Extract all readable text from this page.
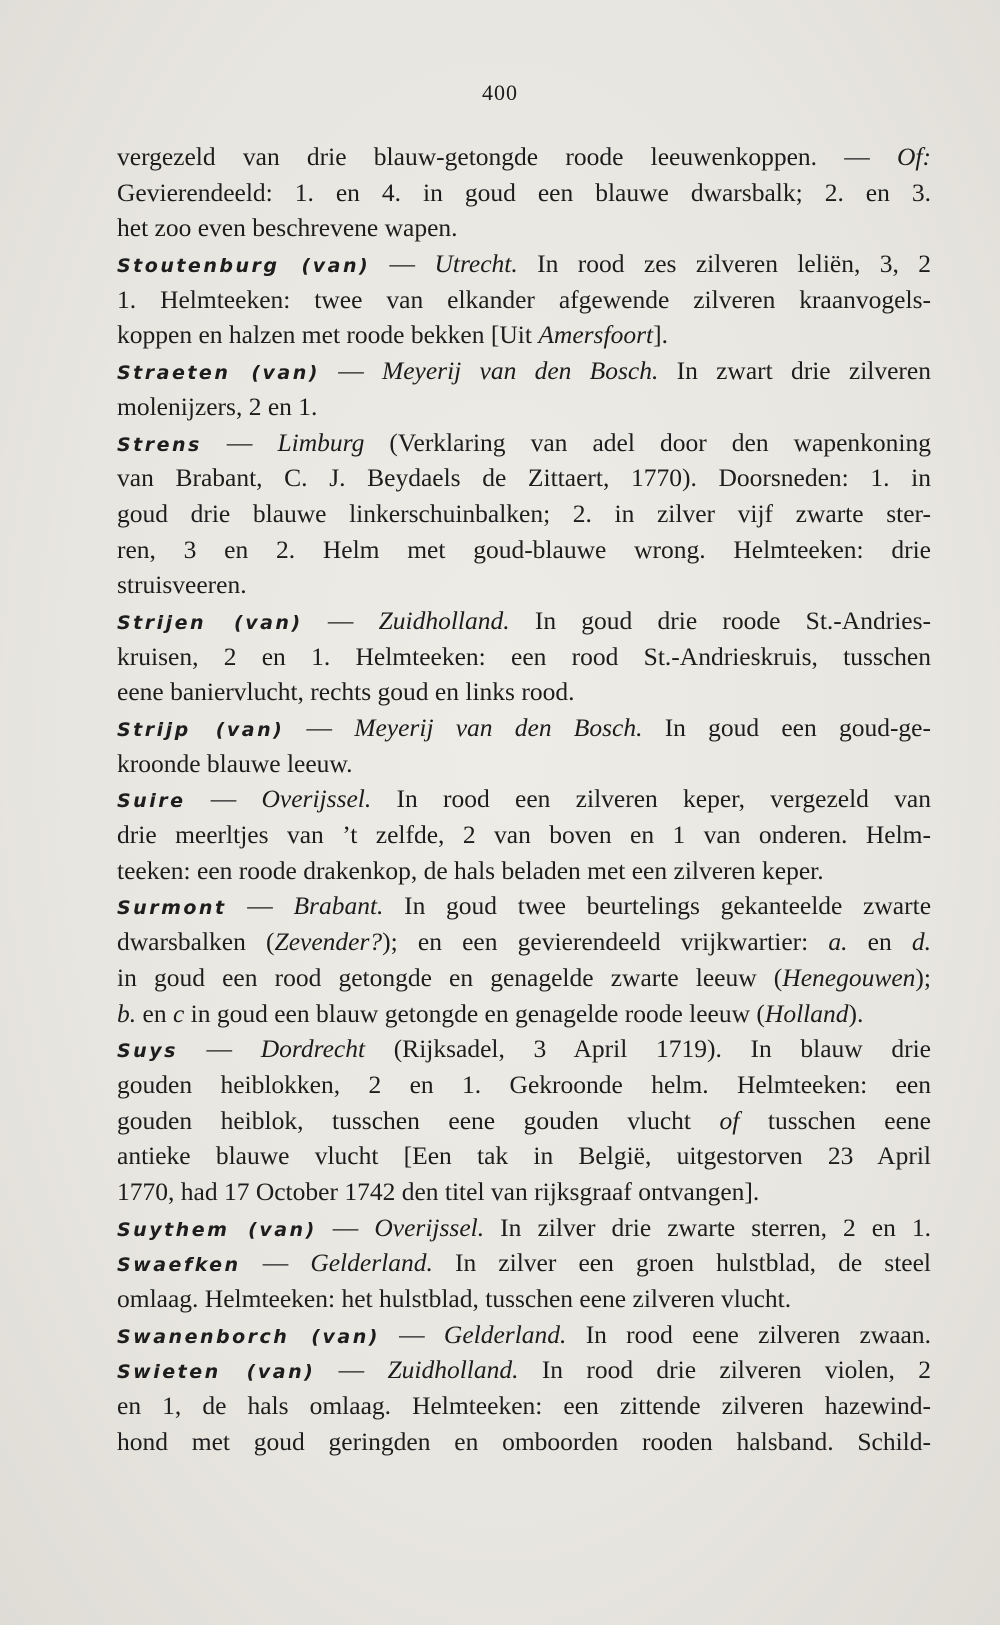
400
vergezeld van drie blauw-getongde roode leeuwenkoppen. — Of:
Gevierendeeld: 1. en 4. in goud een blauwe dwarsbalk; 2. en 3.
het zoo even beschrevene wapen.
Stoutenburg (van) — Utrecht. In rood zes zilveren leliën, 3, 2
1. Helmteeken: twee van elkander afgewende zilveren kraanvogels-
koppen en halzen met roode bekken [Uit Amersfoort].
Straeten (van) — Meyerij van den Bosch. In zwart drie zilveren
molenijzers, 2 en 1.
Strens — Limburg (Verklaring van adel door den wapenkoning
van Brabant, C. J. Beydaels de Zittaert, 1770). Doorsneden: 1. in
goud drie blauwe linkerschuinbalken; 2. in zilver vijf zwarte ster-
ren, 3 en 2. Helm met goud-blauwe wrong. Helmteeken: drie
struisveeren.
Strijen (van) — Zuidholland. In goud drie roode St.-Andries-
kruisen, 2 en 1. Helmteeken: een rood St.-Andrieskruis, tusschen
eene baniervlucht, rechts goud en links rood.
Strijp (van) — Meyerij van den Bosch. In goud een goud-ge-
kroonde blauwe leeuw.
Suire — Overijssel. In rood een zilveren keper, vergezeld van
drie meerltjes van ’t zelfde, 2 van boven en 1 van onderen. Helm-
teeken: een roode drakenkop, de hals beladen met een zilveren keper.
Surmont — Brabant. In goud twee beurtelings gekanteelde zwarte
dwarsbalken (Zevender?); en een gevierendeeld vrijkwartier: a. en d.
in goud een rood getongde en genagelde zwarte leeuw (Henegouwen);
b. en c in goud een blauw getongde en genagelde roode leeuw (Holland).
Suys — Dordrecht (Rijksadel, 3 April 1719). In blauw drie
gouden heiblokken, 2 en 1. Gekroonde helm. Helmteeken: een
gouden heiblok, tusschen eene gouden vlucht of tusschen eene
antieke blauwe vlucht [Een tak in België, uitgestorven 23 April
1770, had 17 October 1742 den titel van rijksgraaf ontvangen].
Suythem (van) — Overijssel. In zilver drie zwarte sterren, 2 en 1.
Swaefken — Gelderland. In zilver een groen hulstblad, de steel
omlaag. Helmteeken: het hulstblad, tusschen eene zilveren vlucht.
Swanenborch (van) — Gelderland. In rood eene zilveren zwaan.
Swieten (van) — Zuidholland. In rood drie zilveren violen, 2
en 1, de hals omlaag. Helmteeken: een zittende zilveren hazewind-
hond met goud geringden en omboorden rooden halsband. Schild-
